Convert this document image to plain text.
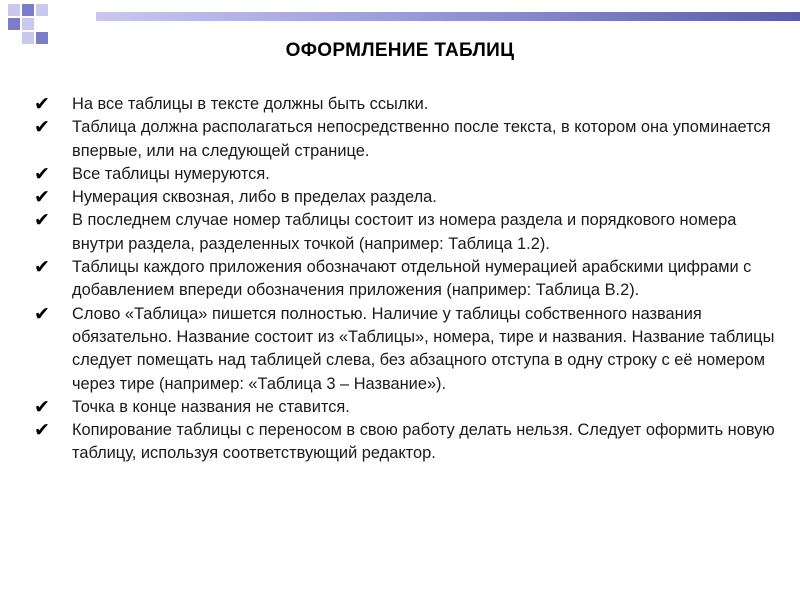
ОФОРМЛЕНИЕ ТАБЛИЦ
✔	На все таблицы в тексте должны быть ссылки.
✔	Таблица должна располагаться непосредственно после текста, в котором она упоминается впервые, или на следующей странице.
✔	Все таблицы нумеруются.
✔	Нумерация сквозная, либо в пределах раздела.
✔	В последнем случае номер таблицы состоит из номера раздела и порядкового номера внутри раздела, разделенных точкой (например: Таблица 1.2).
✔	Таблицы каждого приложения обозначают отдельной нумерацией арабскими цифрами с добавлением впереди обозначения приложения (например: Таблица В.2).
✔	Слово «Таблица» пишется полностью. Наличие у таблицы собственного названия обязательно. Название состоит из «Таблицы», номера, тире и названия. Название таблицы следует помещать над таблицей слева, без абзацного отступа в одну строку с её номером через тире (например: «Таблица 3 – Название»).
✔	Точка в конце названия не ставится.
✔	Копирование таблицы с переносом в свою работу делать нельзя. Следует оформить новую таблицу, используя соответствующий редактор.
